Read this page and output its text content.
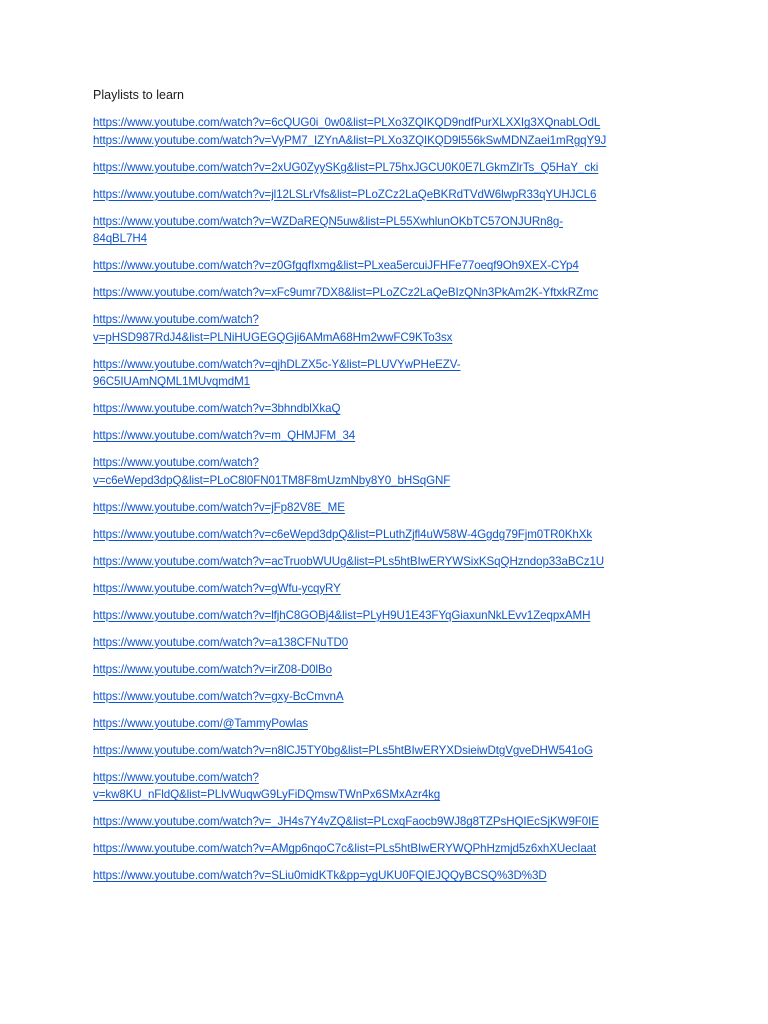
Playlists to learn

https://www.youtube.com/watch?v=6cQUG0i_0w0&list=PLXo3ZQIKQD9ndfPurXLXXIg3XQnabLOdL
https://www.youtube.com/watch?v=VyPM7_IZYnA&list=PLXo3ZQIKQD9l556kSwMDNZaei1mRgqY9J
https://www.youtube.com/watch?v=2xUG0ZyySKg&list=PL75hxJGCU0K0E7LGkmZlrTs_Q5HaY_cki
https://www.youtube.com/watch?v=jl12LSLrVfs&list=PLoZCz2LaQeBKRdTVdW6lwpR33qYUHJCL6
https://www.youtube.com/watch?v=WZDaREQN5uw&list=PL55XwhlunOKbTC57ONJURn8g-
84qBL7H4
https://www.youtube.com/watch?v=z0GfgqfIxmg&list=PLxea5ercuiJFHFe77oeqf9Oh9XEX-CYp4
https://www.youtube.com/watch?v=xFc9umr7DX8&list=PLoZCz2LaQeBIzQNn3PkAm2K-YftxkRZmc
https://www.youtube.com/watch?
v=pHSD987RdJ4&list=PLNiHUGEGQGji6AMmA68Hm2wwFC9KTo3sx
https://www.youtube.com/watch?v=qjhDLZX5c-Y&list=PLUVYwPHeEZV-
96C5IUAmNQML1MUvqmdM1
https://www.youtube.com/watch?v=3bhndblXkaQ
https://www.youtube.com/watch?v=m_QHMJFM_34
https://www.youtube.com/watch?
v=c6eWepd3dpQ&list=PLoC8l0FN01TM8F8mUzmNby8Y0_bHSqGNF
https://www.youtube.com/watch?v=jFp82V8E_ME
https://www.youtube.com/watch?v=c6eWepd3dpQ&list=PLuthZjfl4uW58W-4Ggdg79Fjm0TR0KhXk
https://www.youtube.com/watch?v=acTruobWUUg&list=PLs5htBIwERYWSixKSqQHzndop33aBCz1U
https://www.youtube.com/watch?v=gWfu-ycqyRY
https://www.youtube.com/watch?v=lfjhC8GOBj4&list=PLyH9U1E43FYqGiaxunNkLEvv1ZeqpxAMH
https://www.youtube.com/watch?v=a138CFNuTD0
https://www.youtube.com/watch?v=irZ08-D0lBo
https://www.youtube.com/watch?v=gxy-BcCmvnA
https://www.youtube.com/@TammyPowlas
https://www.youtube.com/watch?v=n8lCJ5TY0bg&list=PLs5htBIwERYXDsieiwDtgVgveDHW541oG
https://www.youtube.com/watch?
v=kw8KU_nFldQ&list=PLlvWuqwG9LyFiDQmswTWnPx6SMxAzr4kg
https://www.youtube.com/watch?v=_JH4s7Y4vZQ&list=PLcxqFaocb9WJ8g8TZPsHQIEcSjKW9F0IE
https://www.youtube.com/watch?v=AMgp6nqoC7c&list=PLs5htBIwERYWQPhHzmjd5z6xhXUecIaat
https://www.youtube.com/watch?v=SLiu0midKTk&pp=ygUKU0FQIEJQQyBCSQ%3D%3D
